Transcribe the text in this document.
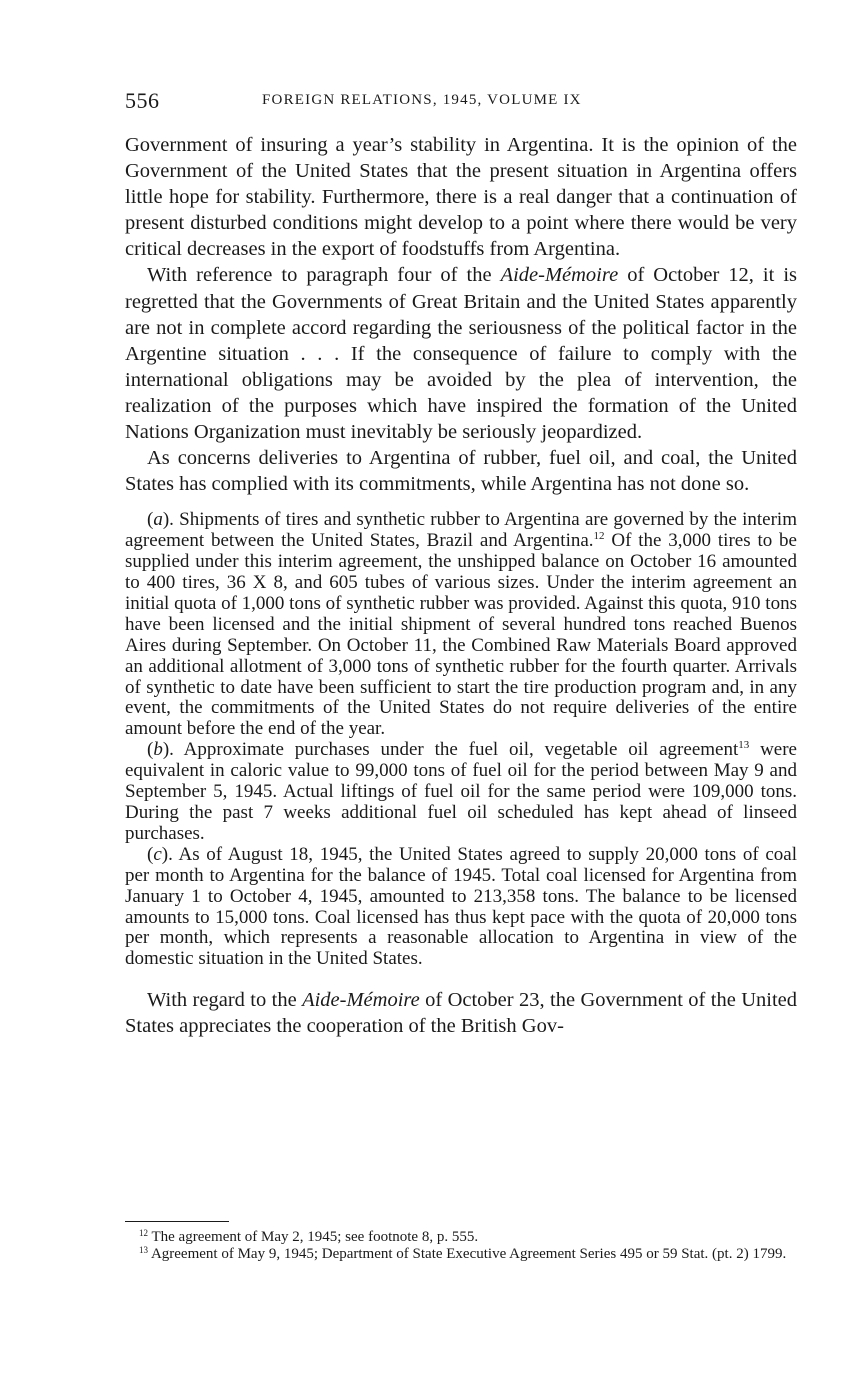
556	FOREIGN RELATIONS, 1945, VOLUME IX

Government of insuring a year’s stability in Argentina. It is the opinion of the Government of the United States that the present situation in Argentina offers little hope for stability. Furthermore, there is a real danger that a continuation of present disturbed conditions might develop to a point where there would be very critical decreases in the export of foodstuffs from Argentina.

With reference to paragraph four of the Aide-Mémoire of October 12, it is regretted that the Governments of Great Britain and the United States apparently are not in complete accord regarding the seriousness of the political factor in the Argentine situation . . . If the consequence of failure to comply with the international obligations may be avoided by the plea of intervention, the realization of the purposes which have inspired the formation of the United Nations Organization must inevitably be seriously jeopardized.

As concerns deliveries to Argentina of rubber, fuel oil, and coal, the United States has complied with its commitments, while Argentina has not done so.

(a). Shipments of tires and synthetic rubber to Argentina are governed by the interim agreement between the United States, Brazil and Argentina.$^{12}$ Of the 3,000 tires to be supplied under this interim agreement, the unshipped balance on October 16 amounted to 400 tires, 36 X 8, and 605 tubes of various sizes. Under the interim agreement an initial quota of 1,000 tons of synthetic rubber was provided. Against this quota, 910 tons have been licensed and the initial shipment of several hundred tons reached Buenos Aires during September. On October 11, the Combined Raw Materials Board approved an additional allotment of 3,000 tons of synthetic rubber for the fourth quarter. Arrivals of synthetic to date have been sufficient to start the tire production program and, in any event, the commitments of the United States do not require deliveries of the entire amount before the end of the year.

(b). Approximate purchases under the fuel oil, vegetable oil agreement$^{13}$ were equivalent in caloric value to 99,000 tons of fuel oil for the period between May 9 and September 5, 1945. Actual liftings of fuel oil for the same period were 109,000 tons. During the past 7 weeks additional fuel oil scheduled has kept ahead of linseed purchases.

(c). As of August 18, 1945, the United States agreed to supply 20,000 tons of coal per month to Argentina for the balance of 1945. Total coal licensed for Argentina from January 1 to October 4, 1945, amounted to 213,358 tons. The balance to be licensed amounts to 15,000 tons. Coal licensed has thus kept pace with the quota of 20,000 tons per month, which represents a reasonable allocation to Argentina in view of the domestic situation in the United States.

With regard to the Aide-Mémoire of October 23, the Government of the United States appreciates the cooperation of the British Gov-

$^{12}$ The agreement of May 2, 1945; see footnote 8, p. 555.

$^{13}$ Agreement of May 9, 1945; Department of State Executive Agreement Series 495 or 59 Stat. (pt. 2) 1799.
